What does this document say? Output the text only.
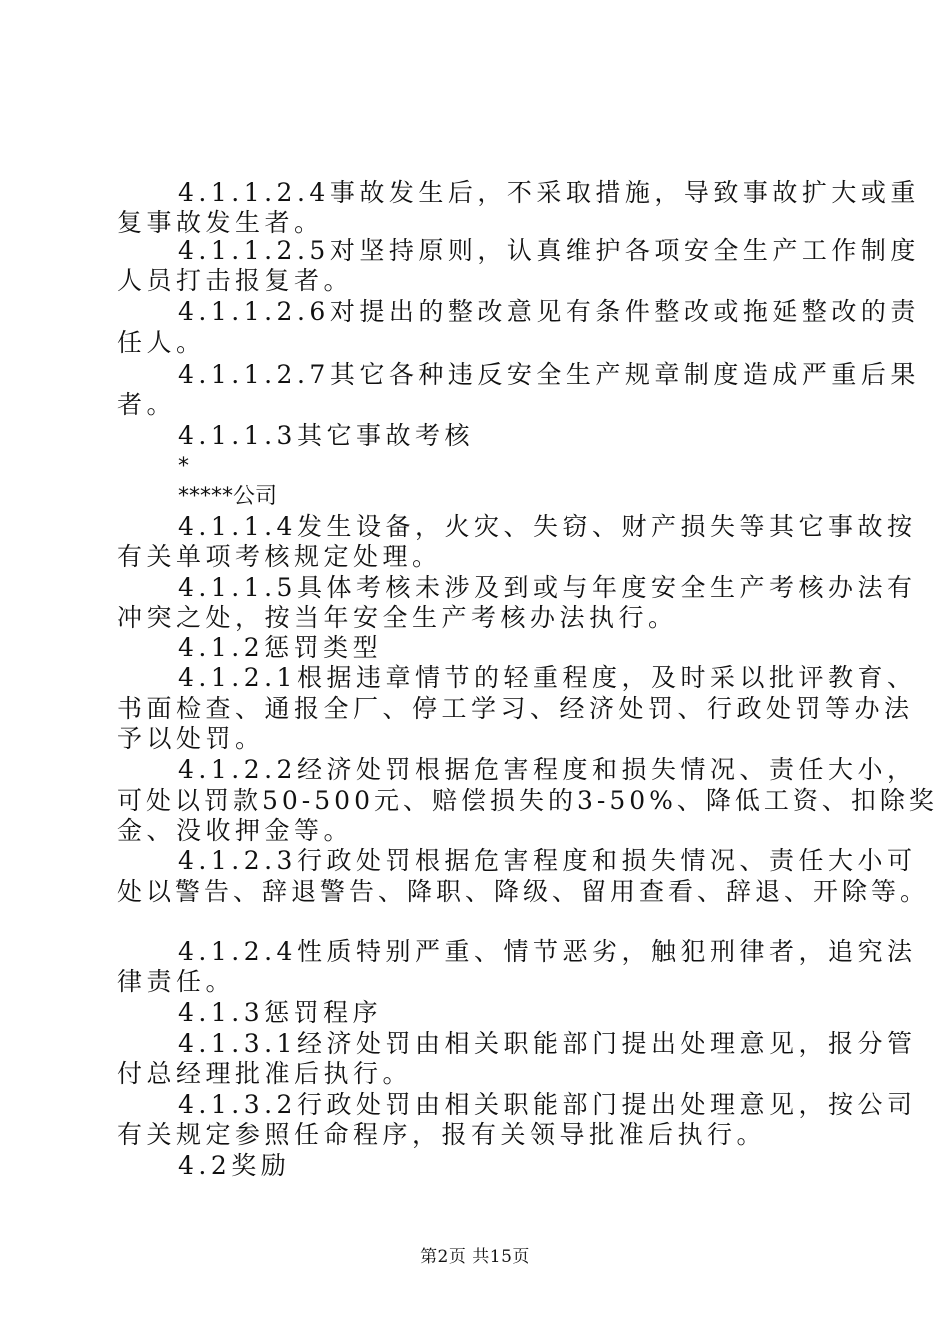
4.1.1.2.4事故发生后，不采取措施，导致事故扩大或重
复事故发生者。
4.1.1.2.5对坚持原则，认真维护各项安全生产工作制度
人员打击报复者。
4.1.1.2.6对提出的整改意见有条件整改或拖延整改的责
任人。
4.1.1.2.7其它各种违反安全生产规章制度造成严重后果
者。
4.1.1.3其它事故考核
*
*****公司
4.1.1.4发生设备，火灾、失窃、财产损失等其它事故按
有关单项考核规定处理。
4.1.1.5具体考核未涉及到或与年度安全生产考核办法有
冲突之处，按当年安全生产考核办法执行。
4.1.2惩罚类型
4.1.2.1根据违章情节的轻重程度，及时采以批评教育、
书面检查、通报全厂、停工学习、经济处罚、行政处罚等办法
予以处罚。
4.1.2.2经济处罚根据危害程度和损失情况、责任大小，
可处以罚款50-500元、赔偿损失的3-50%、降低工资、扣除奖
金、没收押金等。
4.1.2.3行政处罚根据危害程度和损失情况、责任大小可
处以警告、辞退警告、降职、降级、留用查看、辞退、开除等。
4.1.2.4性质特别严重、情节恶劣，触犯刑律者，追究法
律责任。
4.1.3惩罚程序
4.1.3.1经济处罚由相关职能部门提出处理意见，报分管
付总经理批准后执行。
4.1.3.2行政处罚由相关职能部门提出处理意见，按公司
有关规定参照任命程序，报有关领导批准后执行。
4.2奖励
第2页 共15页
